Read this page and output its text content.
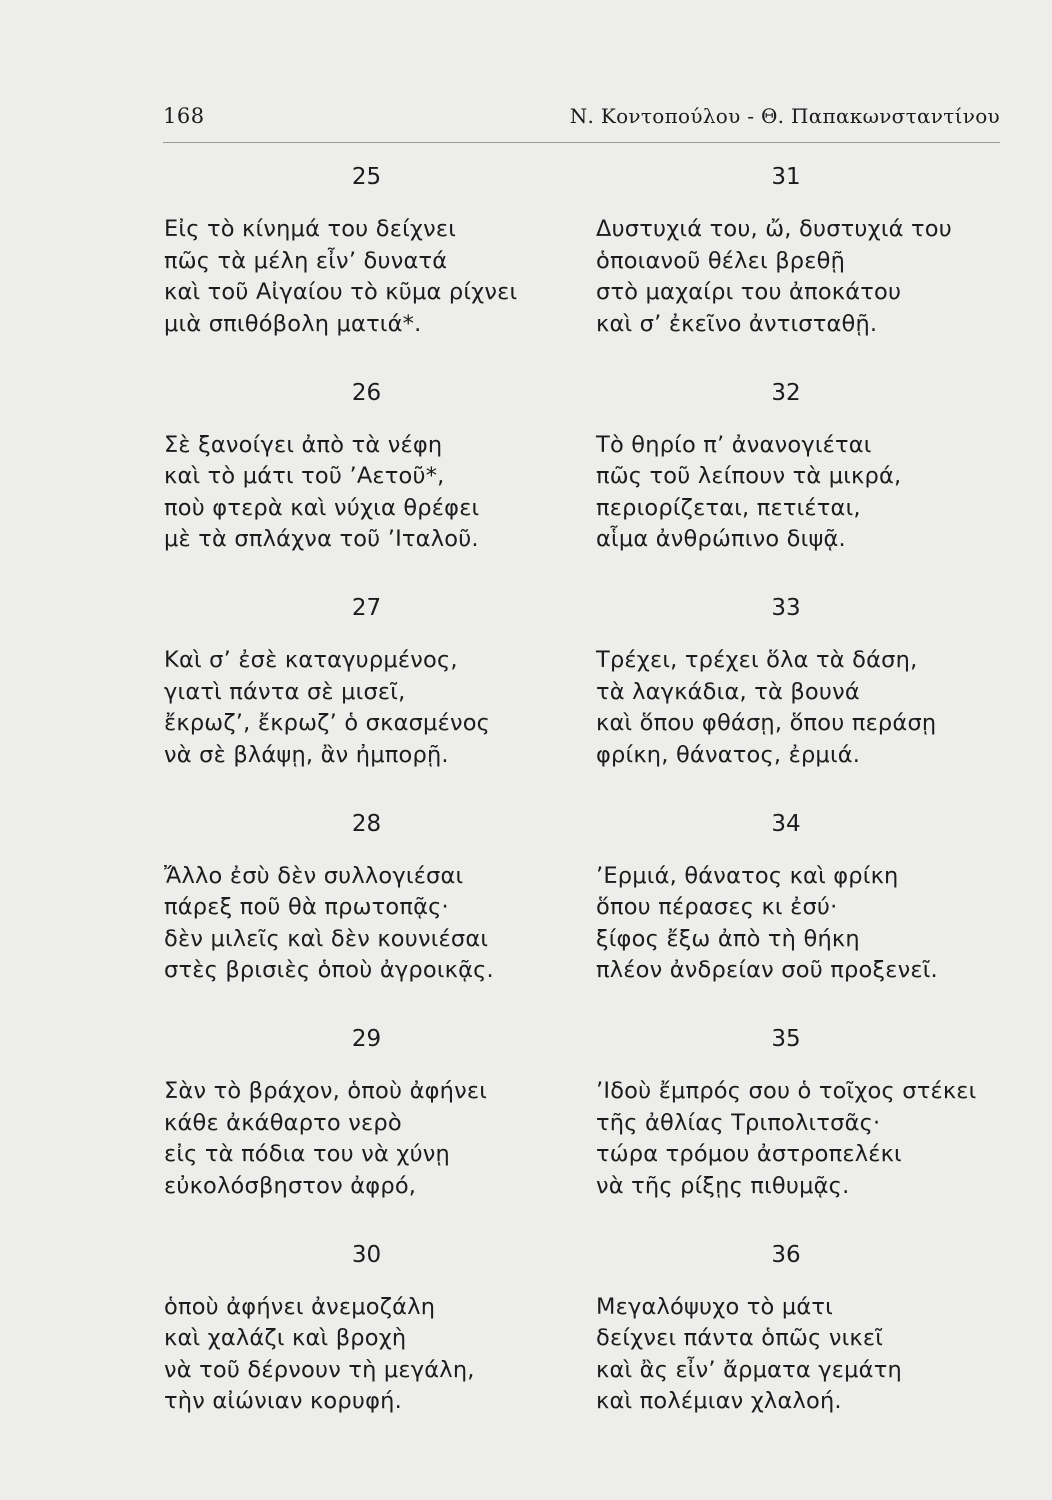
168	Ν. Κοντοπούλου - Θ. Παπακωνσταντίνου
25
Εἰς τὸ κίνημά του δείχνει
πῶς τὰ μέλη εἶν’ δυνατά
καὶ τοῦ Αἰγαίου τὸ κῦμα ρίχνει
μιὰ σπιθόβολη ματιά*.
26
Σὲ ξανοίγει ἀπὸ τὰ νέφη
καὶ τὸ μάτι τοῦ ’Αετοῦ*,
ποὺ φτερὰ καὶ νύχια θρέφει
μὲ τὰ σπλάχνα τοῦ ’Ιταλοῦ.
27
Καὶ σ’ ἐσὲ καταγυρμένος,
γιατὶ πάντα σὲ μισεῖ,
ἔκρωζ’, ἔκρωζ’ ὁ σκασμένος
νὰ σὲ βλάψῃ, ἂν ἠμπορῇ.
28
Ἄλλο ἐσὺ δὲν συλλογιέσαι
πάρεξ ποῦ θὰ πρωτοπᾷς·
δὲν μιλεῖς καὶ δὲν κουνιέσαι
στὲς βρισιὲς ὁποὺ ἀγροικᾷς.
29
Σὰν τὸ βράχον, ὁποὺ ἀφήνει
κάθε ἀκάθαρτο νερὸ
εἰς τὰ πόδια του νὰ χύνῃ
εὐκολόσβηστον ἀφρό,
30
ὁποὺ ἀφήνει ἀνεμοζάλη
καὶ χαλάζι καὶ βροχὴ
νὰ τοῦ δέρνουν τὴ μεγάλη,
τὴν αἰώνιαν κορυφή.
31
Δυστυχιά του, ὤ, δυστυχιά του
ὁποιανοῦ θέλει βρεθῇ
στὸ μαχαίρι του ἀποκάτου
καὶ σ’ ἐκεῖνο ἀντισταθῇ.
32
Τὸ θηρίο π’ ἀνανογιέται
πῶς τοῦ λείπουν τὰ μικρά,
περιορίζεται, πετιέται,
αἷμα ἀνθρώπινο διψᾷ.
33
Τρέχει, τρέχει ὅλα τὰ δάση,
τὰ λαγκάδια, τὰ βουνά
καὶ ὅπου φθάσῃ, ὅπου περάσῃ
φρίκη, θάνατος, ἐρμιά.
34
’Ερμιά, θάνατος καὶ φρίκη
ὅπου πέρασες κι ἐσύ·
ξίφος ἔξω ἀπὸ τὴ θήκη
πλέον ἀνδρείαν σοῦ προξενεῖ.
35
’Ιδοὺ ἔμπρός σου ὁ τοῖχος στέκει
τῆς ἀθλίας Τριπολιτσᾶς·
τώρα τρόμου ἀστροπελέκι
νὰ τῆς ρίξῃς πιθυμᾷς.
36
Μεγαλόψυχο τὸ μάτι
δείχνει πάντα ὁπῶς νικεῖ
καὶ ἂς εἶν’ ἄρματα γεμάτη
καὶ πολέμιαν χλαλοή.
